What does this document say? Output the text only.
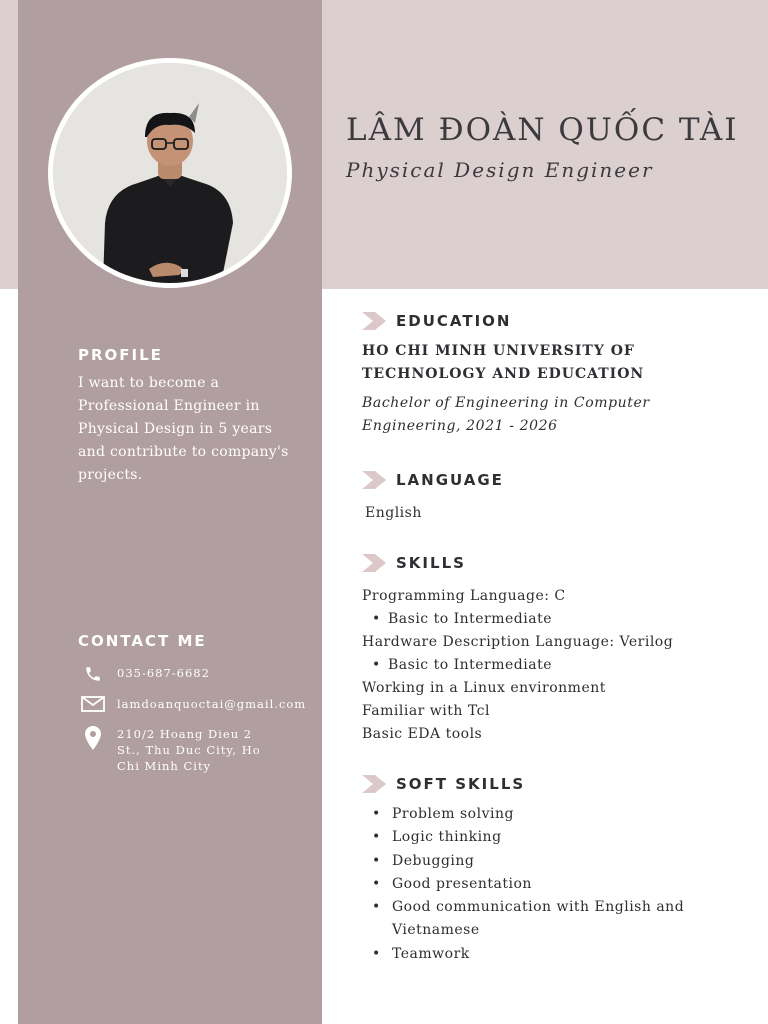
LÂM ĐOÀN QUỐC TÀI
Physical Design Engineer
PROFILE

I want to become a Professional Engineer in Physical Design in 5 years and contribute to company's projects.

CONTACT ME
035-687-6682
lamdoanquoctai@gmail.com
210/2 Hoang Dieu 2
St., Thu Duc City, Ho
Chi Minh City
EDUCATION

HO CHI MINH UNIVERSITY OF
TECHNOLOGY AND EDUCATION

Bachelor of Engineering in Computer
Engineering, 2021 - 2026

LANGUAGE

English

SKILLS
Programming Language: C
• Basic to Intermediate
Hardware Description Language: Verilog
• Basic to Intermediate
Working in a Linux environment
Familiar with Tcl
Basic EDA tools
SOFT SKILLS
• Problem solving
• Logic thinking
• Debugging
• Good presentation
• Good communication with English and Vietnamese
• Teamwork
